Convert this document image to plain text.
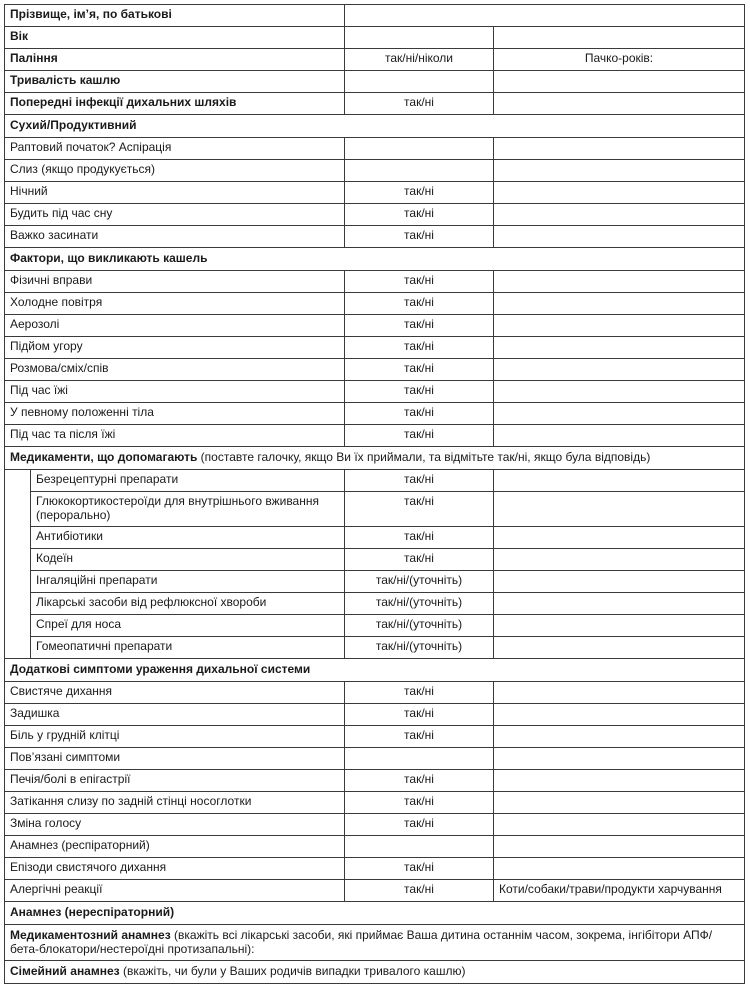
Прізвище, ім’я, по батькові			
Вік			
Паління		так/ні/ніколи	Пачко-років:
Тривалість кашлю			
Попередні інфекції дихальних шляхів		так/ні	
Сухий/Продуктивний			
Раптовий початок? Аспірація			
Слиз (якщо продукується)			
Нічний		так/ні	
Будить під час сну		так/ні	
Важко засинати		так/ні	
Фактори, що викликають кашель			
Фізичні вправи		так/ні	
Холодне повітря		так/ні	
Аерозолі		так/ні	
Підйом угору		так/ні	
Розмова/сміх/спів		так/ні	
Під час їжі		так/ні	
У певному положенні тіла		так/ні	
Під час та після їжі		так/ні	
Медикаменти, що допомагають (поставте галочку, якщо Ви їх приймали, та відмітьте так/ні, якщо була відповідь)			
	Безрецептурні препарати	так/ні	
	Глюкокортикостероїди для внутрішнього вживання (перорально)	так/ні	
	Антибіотики	так/ні	
	Кодеїн	так/ні	
	Інгаляційні препарати	так/ні/(уточніть)	
	Лікарські засоби від рефлюксної хвороби	так/ні/(уточніть)	
	Спреї для носа	так/ні/(уточніть)	
	Гомеопатичні препарати	так/ні/(уточніть)	
Додаткові симптоми ураження дихальної системи			
Свистяче дихання		так/ні	
Задишка		так/ні	
Біль у грудній клітці		так/ні	
Пов’язані симптоми			
Печія/болі в епігастрії		так/ні	
Затікання слизу по задній стінці носоглотки		так/ні	
Зміна голосу		так/ні	
Анамнез (респіраторний)			
Епізоди свистячого дихання		так/ні	
Алергічні реакції		так/ні	Коти/собаки/трави/продукти харчування
Анамнез (нереспіраторний)			
Медикаментозний анамнез (вкажіть всі лікарські засоби, які приймає Ваша дитина останнім часом, зокрема, інгібітори АПФ/бета-блокатори/нестероїдні протизапальні):			
Сімейний анамнез (вкажіть, чи були у Ваших родичів випадки тривалого кашлю)			
